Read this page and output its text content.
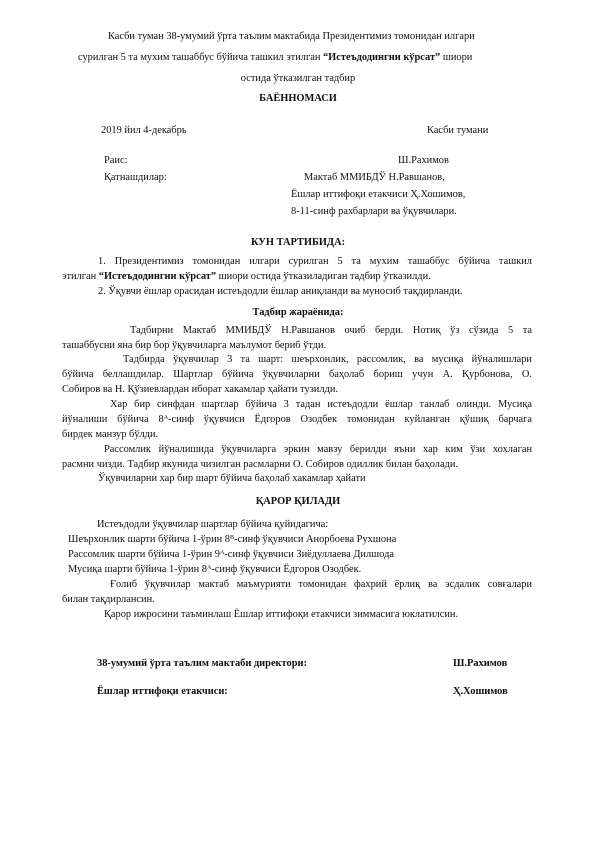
Касби туман 38-умумий ўрта таълим мактабида Президентимиз томонидан илгари
сурилган 5 та мухим ташаббус бўйича ташкил этилган “Истеъдодингни кўрсат” шиори
остида ўтказилган тадбир
БАЁННОМАСИ
2019 йил 4-декабрь	Касби тумани
Раис:	Ш.Рахимов
Қатнашдилар:	Мактаб ММИБДЎ Н.Равшанов,
Ёшлар иттифоқи етакчиси Ҳ.Хошимов,
8-11-синф рахбарлари ва ўқувчилари.
КУН ТАРТИБИДА:
1. Президентимиз томонидан илгари сурилган 5 та мухим ташаббус бўйича ташкил
этилган “Истеъдодингни кўрсат” шиори остида ўтказиладиган тадбир ўтказилди.
2. Ўқувчи ёшлар орасидан истеъдодли ёшлар аниқланди ва муносиб тақдирланди.
Тадбир жараёнида:
Тадбирни Мактаб ММИБДЎ Н.Равшанов очиб берди. Нотиқ ўз сўзида 5 та
ташаббусни яна бир бор ўқувчиларга маълумот бериб ўтди.
Тадбирда ўқувчилар 3 та шарт: шеърхонлик, рассомлик, ва мусиқа йўналишлари
бўйича беллашдилар. Шартлар бўйича ўқувчиларни баҳолаб бориш учун А. Қурбонова, О.
Собиров ва Н. Қўзиевлардан иборат хакамлар ҳайати тузилди.
Хар бир синфдан шартлар бўйича 3 тадан истеъдодли ёшлар танлаб олинди. Мусиқа
йўналиши бўйича 8ᴬ-синф ўқувчиси Ёдгоров Озодбек томонидан куйланган қўшиқ барчага
бирдек манзур бўлди.
Рассомлик йўналишида ўқувчиларга эркин мавзу берилди яъни хар ким ўзи хохлаган
расмни чизди. Тадбир якунида чизилган расмларни О. Собиров одиллик билан баҳолади.
Ўқувчиларни хар бир шарт бўйича баҳолаб хакамлар ҳайати
ҚАРОР ҚИЛАДИ
Истеъдодли ўқувчилар шартлар бўйича қуйидагича:
Шеърхонлик шарти бўйича 1-ўрин 8ᴮ-синф ўқувчиси Анорбоева Рухшона
Рассомлик шарти бўйича 1-ўрин 9ᴬ-синф ўқувчиси Зиёдуллаева Дилшода
Мусиқа шарти бўйича 1-ўрин 8ᴬ-синф ўқувчиси Ёдгоров Озодбек.
Ғолиб ўқувчилар мактаб маъмурияти томонидан фахрий ёрлиқ ва эсдалик совғалари
билан тақдирлансин.
Қарор ижросини таъминлаш Ёшлар иттифоқи етакчиси зиммасига юклатилсин.
38-умумий ўрта таълим мактаби директори:	Ш.Рахимов
Ёшлар иттифоқи етакчиси:	Ҳ.Хошимов
